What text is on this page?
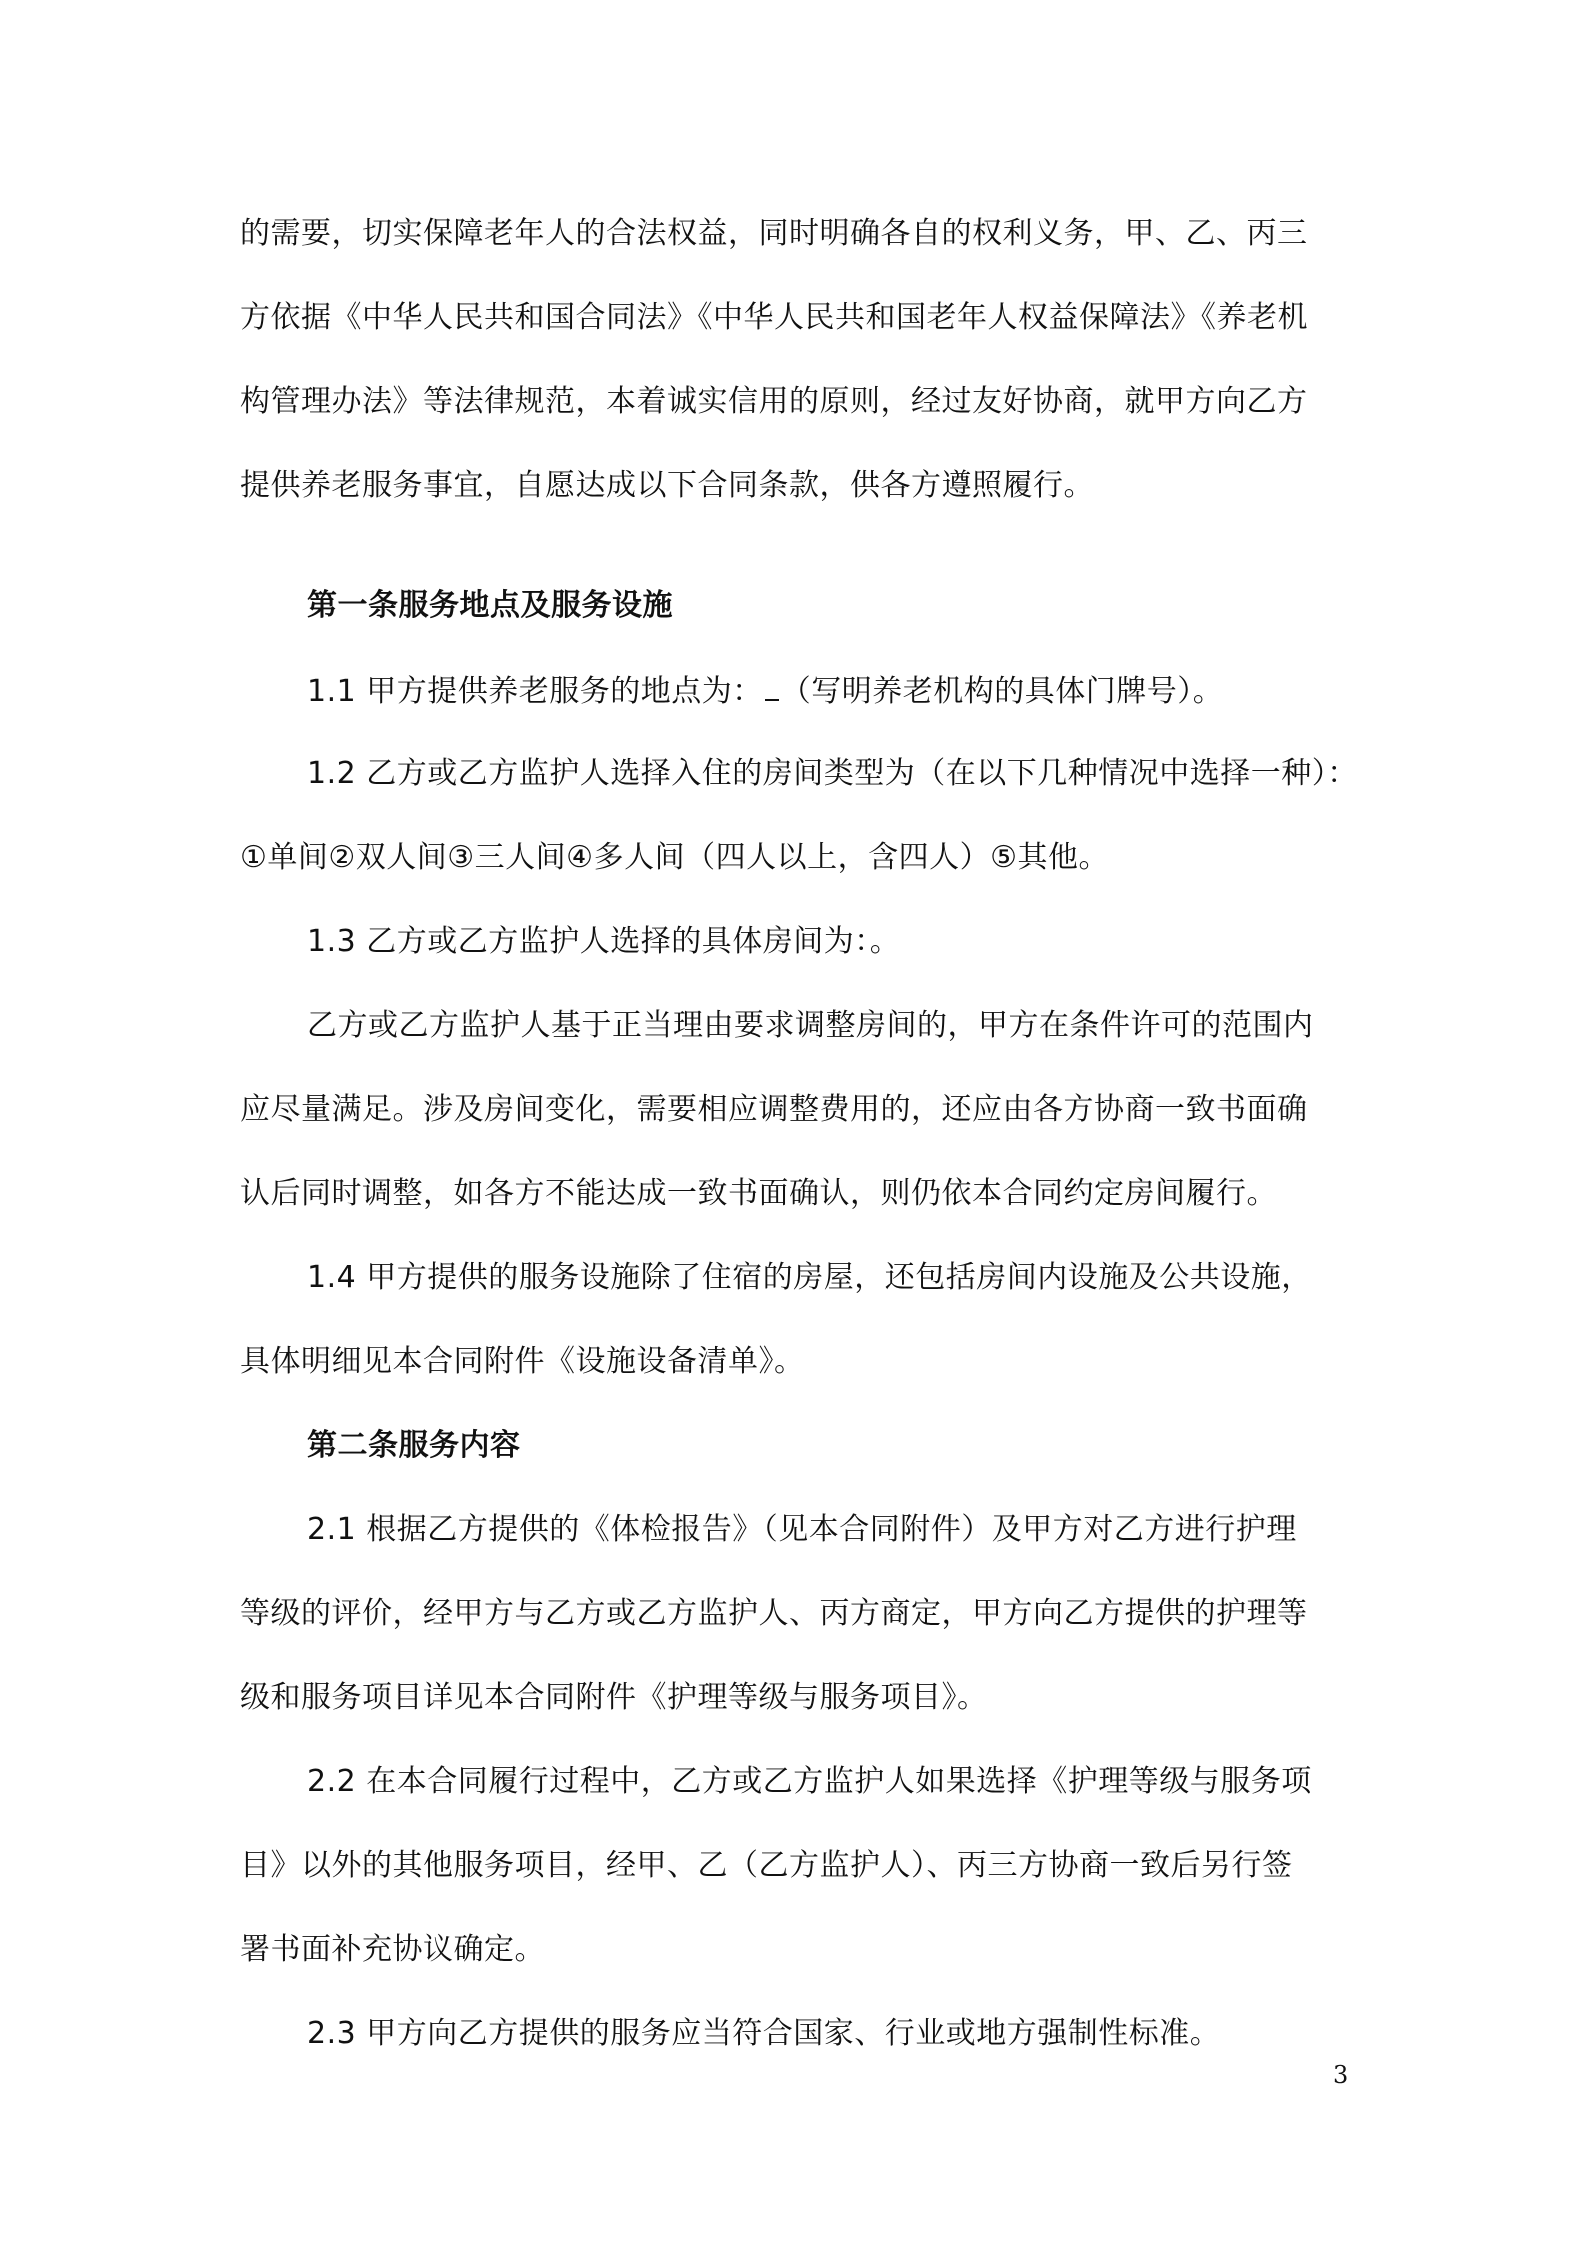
的需要，切实保障老年人的合法权益，同时明确各自的权利义务，甲、乙、丙三
方依据《中华人民共和国合同法》《中华人民共和国老年人权益保障法》《养老机
构管理办法》等法律规范，本着诚实信用的原则，经过友好协商，就甲方向乙方
提供养老服务事宜，自愿达成以下合同条款，供各方遵照履行。
第一条服务地点及服务设施
1.1 甲方提供养老服务的地点为： （写明养老机构的具体门牌号）。
1.2 乙方或乙方监护人选择入住的房间类型为（在以下几种情况中选择一种）：
①单间②双人间③三人间④多人间（四人以上，含四人）⑤其他。
1.3 乙方或乙方监护人选择的具体房间为：。
乙方或乙方监护人基于正当理由要求调整房间的，甲方在条件许可的范围内
应尽量满足。涉及房间变化，需要相应调整费用的，还应由各方协商一致书面确
认后同时调整，如各方不能达成一致书面确认，则仍依本合同约定房间履行。
1.4 甲方提供的服务设施除了住宿的房屋，还包括房间内设施及公共设施，
具体明细见本合同附件《设施设备清单》。
第二条服务内容
2.1 根据乙方提供的《体检报告》（见本合同附件）及甲方对乙方进行护理
等级的评价，经甲方与乙方或乙方监护人、丙方商定，甲方向乙方提供的护理等
级和服务项目详见本合同附件《护理等级与服务项目》。
2.2 在本合同履行过程中，乙方或乙方监护人如果选择《护理等级与服务项
目》以外的其他服务项目，经甲、乙（乙方监护人）、丙三方协商一致后另行签
署书面补充协议确定。
2.3 甲方向乙方提供的服务应当符合国家、行业或地方强制性标准。
3
